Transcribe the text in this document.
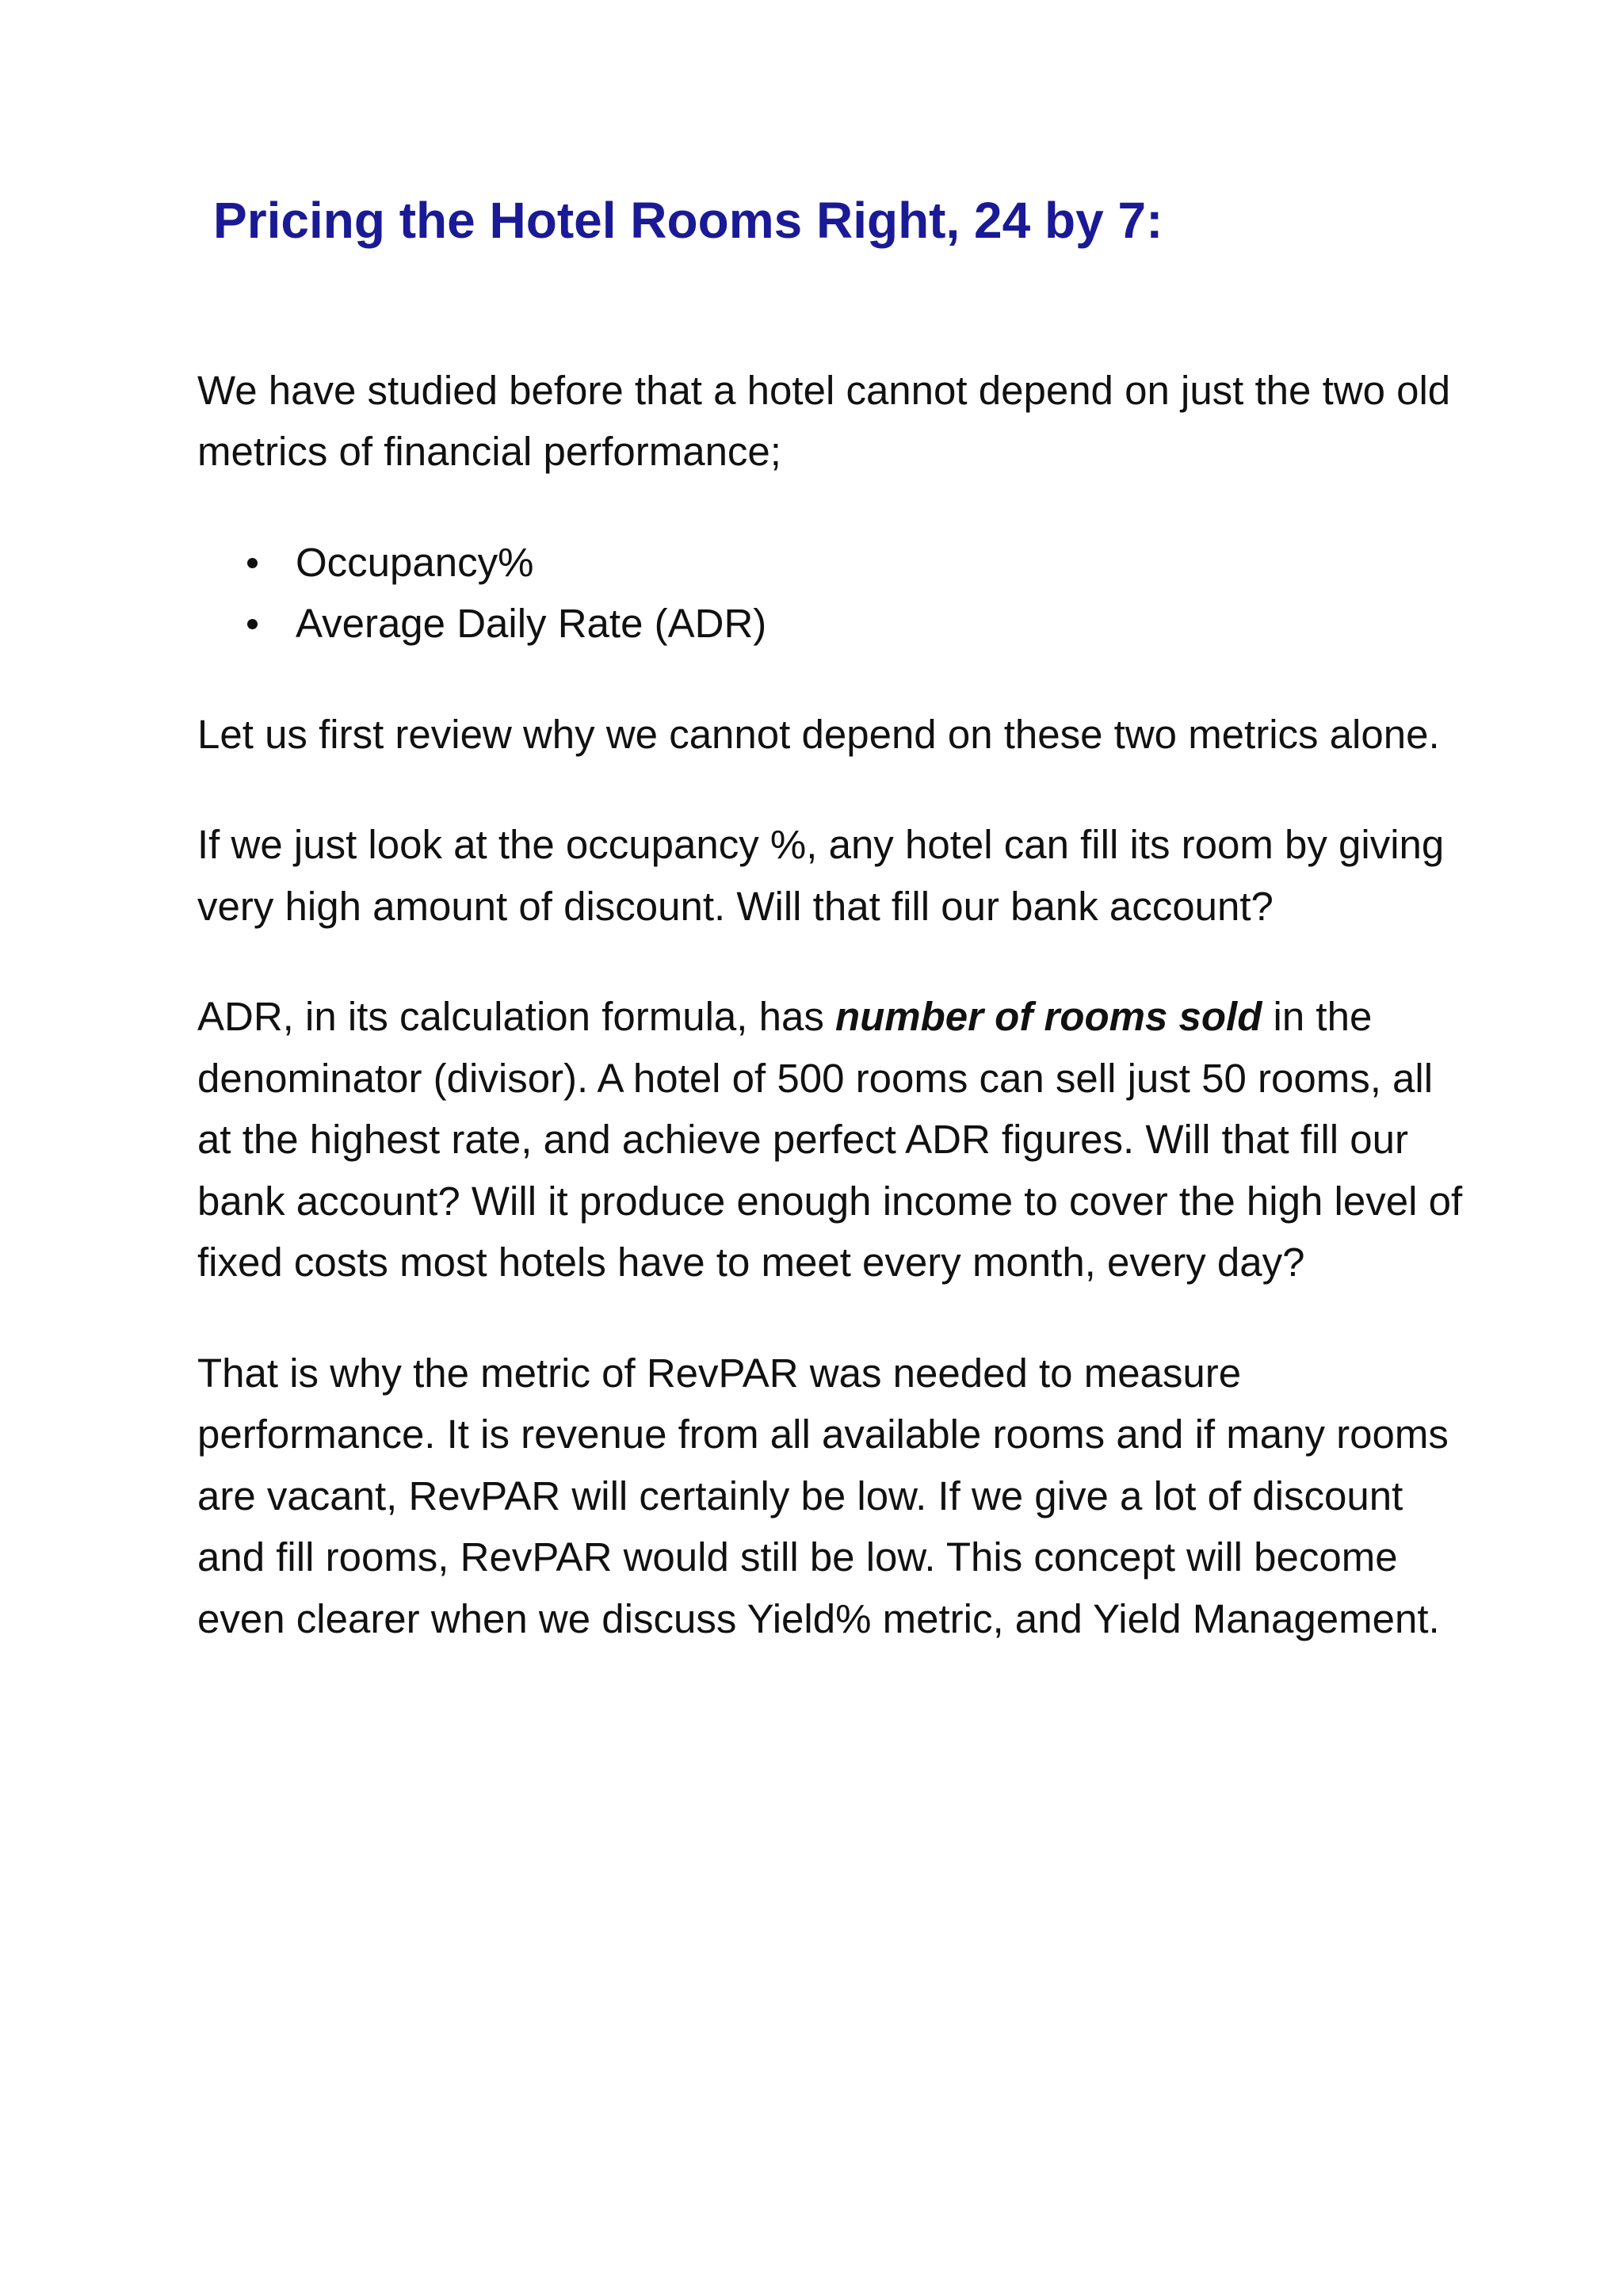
Pricing the Hotel Rooms Right, 24 by 7:

We have studied before that a hotel cannot depend on just the two old metrics of financial performance;

Occupancy%
Average Daily Rate (ADR)

Let us first review why we cannot depend on these two metrics alone.

If we just look at the occupancy %, any hotel can fill its room by giving very high amount of discount. Will that fill our bank account?

ADR, in its calculation formula, has number of rooms sold in the denominator (divisor). A hotel of 500 rooms can sell just 50 rooms, all at the highest rate, and achieve perfect ADR figures. Will that fill our bank account? Will it produce enough income to cover the high level of fixed costs most hotels have to meet every month, every day?

That is why the metric of RevPAR was needed to measure performance. It is revenue from all available rooms and if many rooms are vacant, RevPAR will certainly be low. If we give a lot of discount and fill rooms, RevPAR would still be low. This concept will become even clearer when we discuss Yield% metric, and Yield Management.
